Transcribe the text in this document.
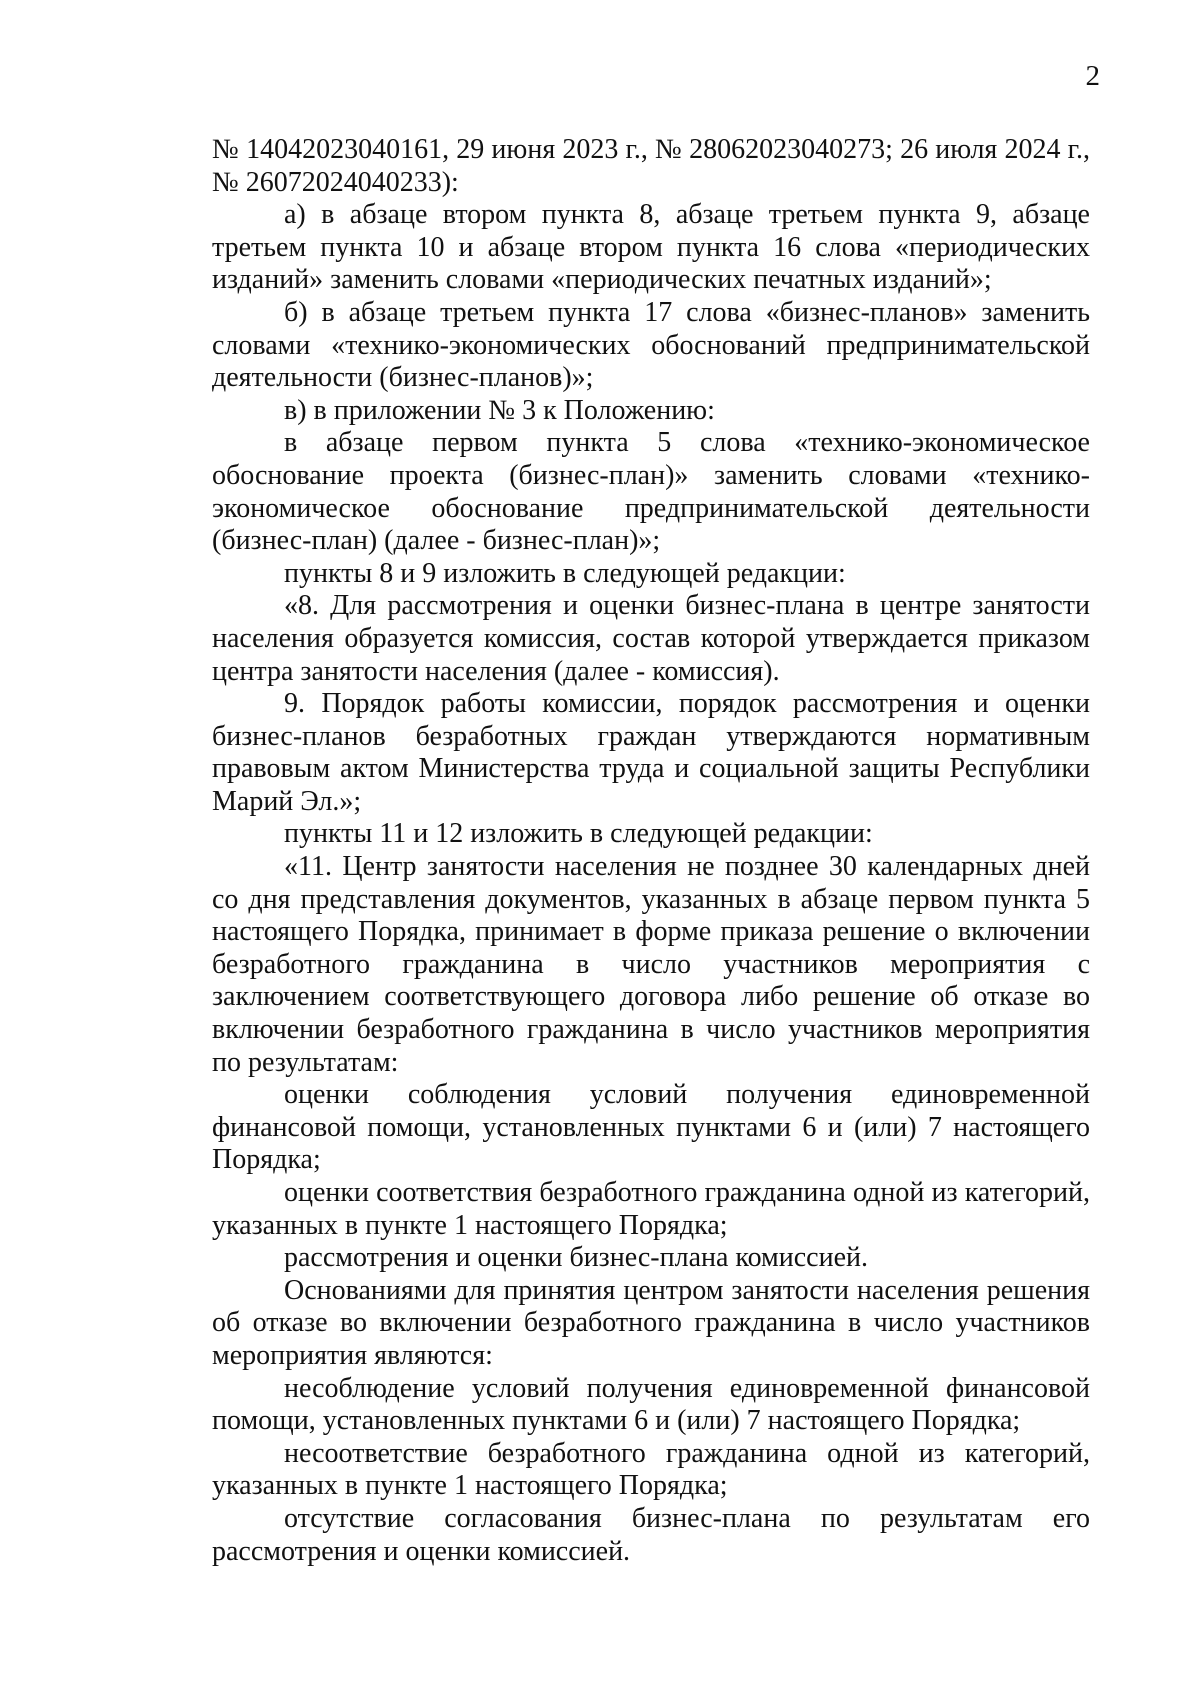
2

№ 14042023040161, 29 июня 2023 г., № 28062023040273; 26 июля 2024 г., № 26072024040233):

а) в абзаце втором пункта 8, абзаце третьем пункта 9, абзаце третьем пункта 10 и абзаце втором пункта 16 слова «периодических изданий» заменить словами «периодических печатных изданий»;

б) в абзаце третьем пункта 17 слова «бизнес-планов» заменить словами «технико-экономических обоснований предпринимательской деятельности (бизнес-планов)»;

в) в приложении № 3 к Положению:

в абзаце первом пункта 5 слова «технико-экономическое обоснование проекта (бизнес-план)» заменить словами «технико-экономическое обоснование предпринимательской деятельности (бизнес-план) (далее - бизнес-план)»;

пункты 8 и 9 изложить в следующей редакции:

«8. Для рассмотрения и оценки бизнес-плана в центре занятости населения образуется комиссия, состав которой утверждается приказом центра занятости населения (далее - комиссия).

9. Порядок работы комиссии, порядок рассмотрения и оценки бизнес-планов безработных граждан утверждаются нормативным правовым актом Министерства труда и социальной защиты Республики Марий Эл.»;

пункты 11 и 12 изложить в следующей редакции:

«11. Центр занятости населения не позднее 30 календарных дней со дня представления документов, указанных в абзаце первом пункта 5 настоящего Порядка, принимает в форме приказа решение о включении безработного гражданина в число участников мероприятия с заключением соответствующего договора либо решение об отказе во включении безработного гражданина в число участников мероприятия по результатам:

оценки соблюдения условий получения единовременной финансовой помощи, установленных пунктами 6 и (или) 7 настоящего Порядка;

оценки соответствия безработного гражданина одной из категорий, указанных в пункте 1 настоящего Порядка;

рассмотрения и оценки бизнес-плана комиссией.

Основаниями для принятия центром занятости населения решения об отказе во включении безработного гражданина в число участников мероприятия являются:

несоблюдение условий получения единовременной финансовой помощи, установленных пунктами 6 и (или) 7 настоящего Порядка;

несоответствие безработного гражданина одной из категорий, указанных в пункте 1 настоящего Порядка;

отсутствие согласования бизнес-плана по результатам его рассмотрения и оценки комиссией.
